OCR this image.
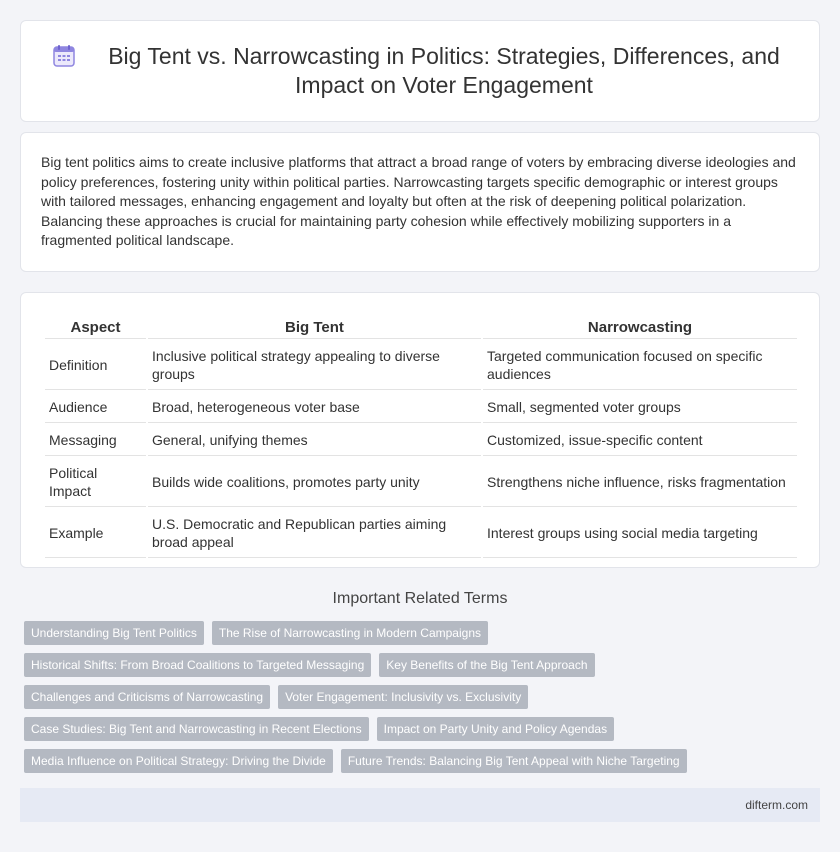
Big Tent vs. Narrowcasting in Politics: Strategies, Differences, and Impact on Voter Engagement

Big tent politics aims to create inclusive platforms that attract a broad range of voters by embracing diverse ideologies and policy preferences, fostering unity within political parties. Narrowcasting targets specific demographic or interest groups with tailored messages, enhancing engagement and loyalty but often at the risk of deepening political polarization. Balancing these approaches is crucial for maintaining party cohesion while effectively mobilizing supporters in a fragmented political landscape.

Aspect	Big Tent	Narrowcasting
Definition	Inclusive political strategy appealing to diverse groups	Targeted communication focused on specific audiences
Audience	Broad, heterogeneous voter base	Small, segmented voter groups
Messaging	General, unifying themes	Customized, issue-specific content
Political Impact	Builds wide coalitions, promotes party unity	Strengthens niche influence, risks fragmentation
Example	U.S. Democratic and Republican parties aiming broad appeal	Interest groups using social media targeting
Important Related Terms
Understanding Big Tent Politics	The Rise of Narrowcasting in Modern Campaigns
Historical Shifts: From Broad Coalitions to Targeted Messaging	Key Benefits of the Big Tent Approach
Challenges and Criticisms of Narrowcasting	Voter Engagement: Inclusivity vs. Exclusivity
Case Studies: Big Tent and Narrowcasting in Recent Elections	Impact on Party Unity and Policy Agendas
Media Influence on Political Strategy: Driving the Divide	Future Trends: Balancing Big Tent Appeal with Niche Targeting
difterm.com
